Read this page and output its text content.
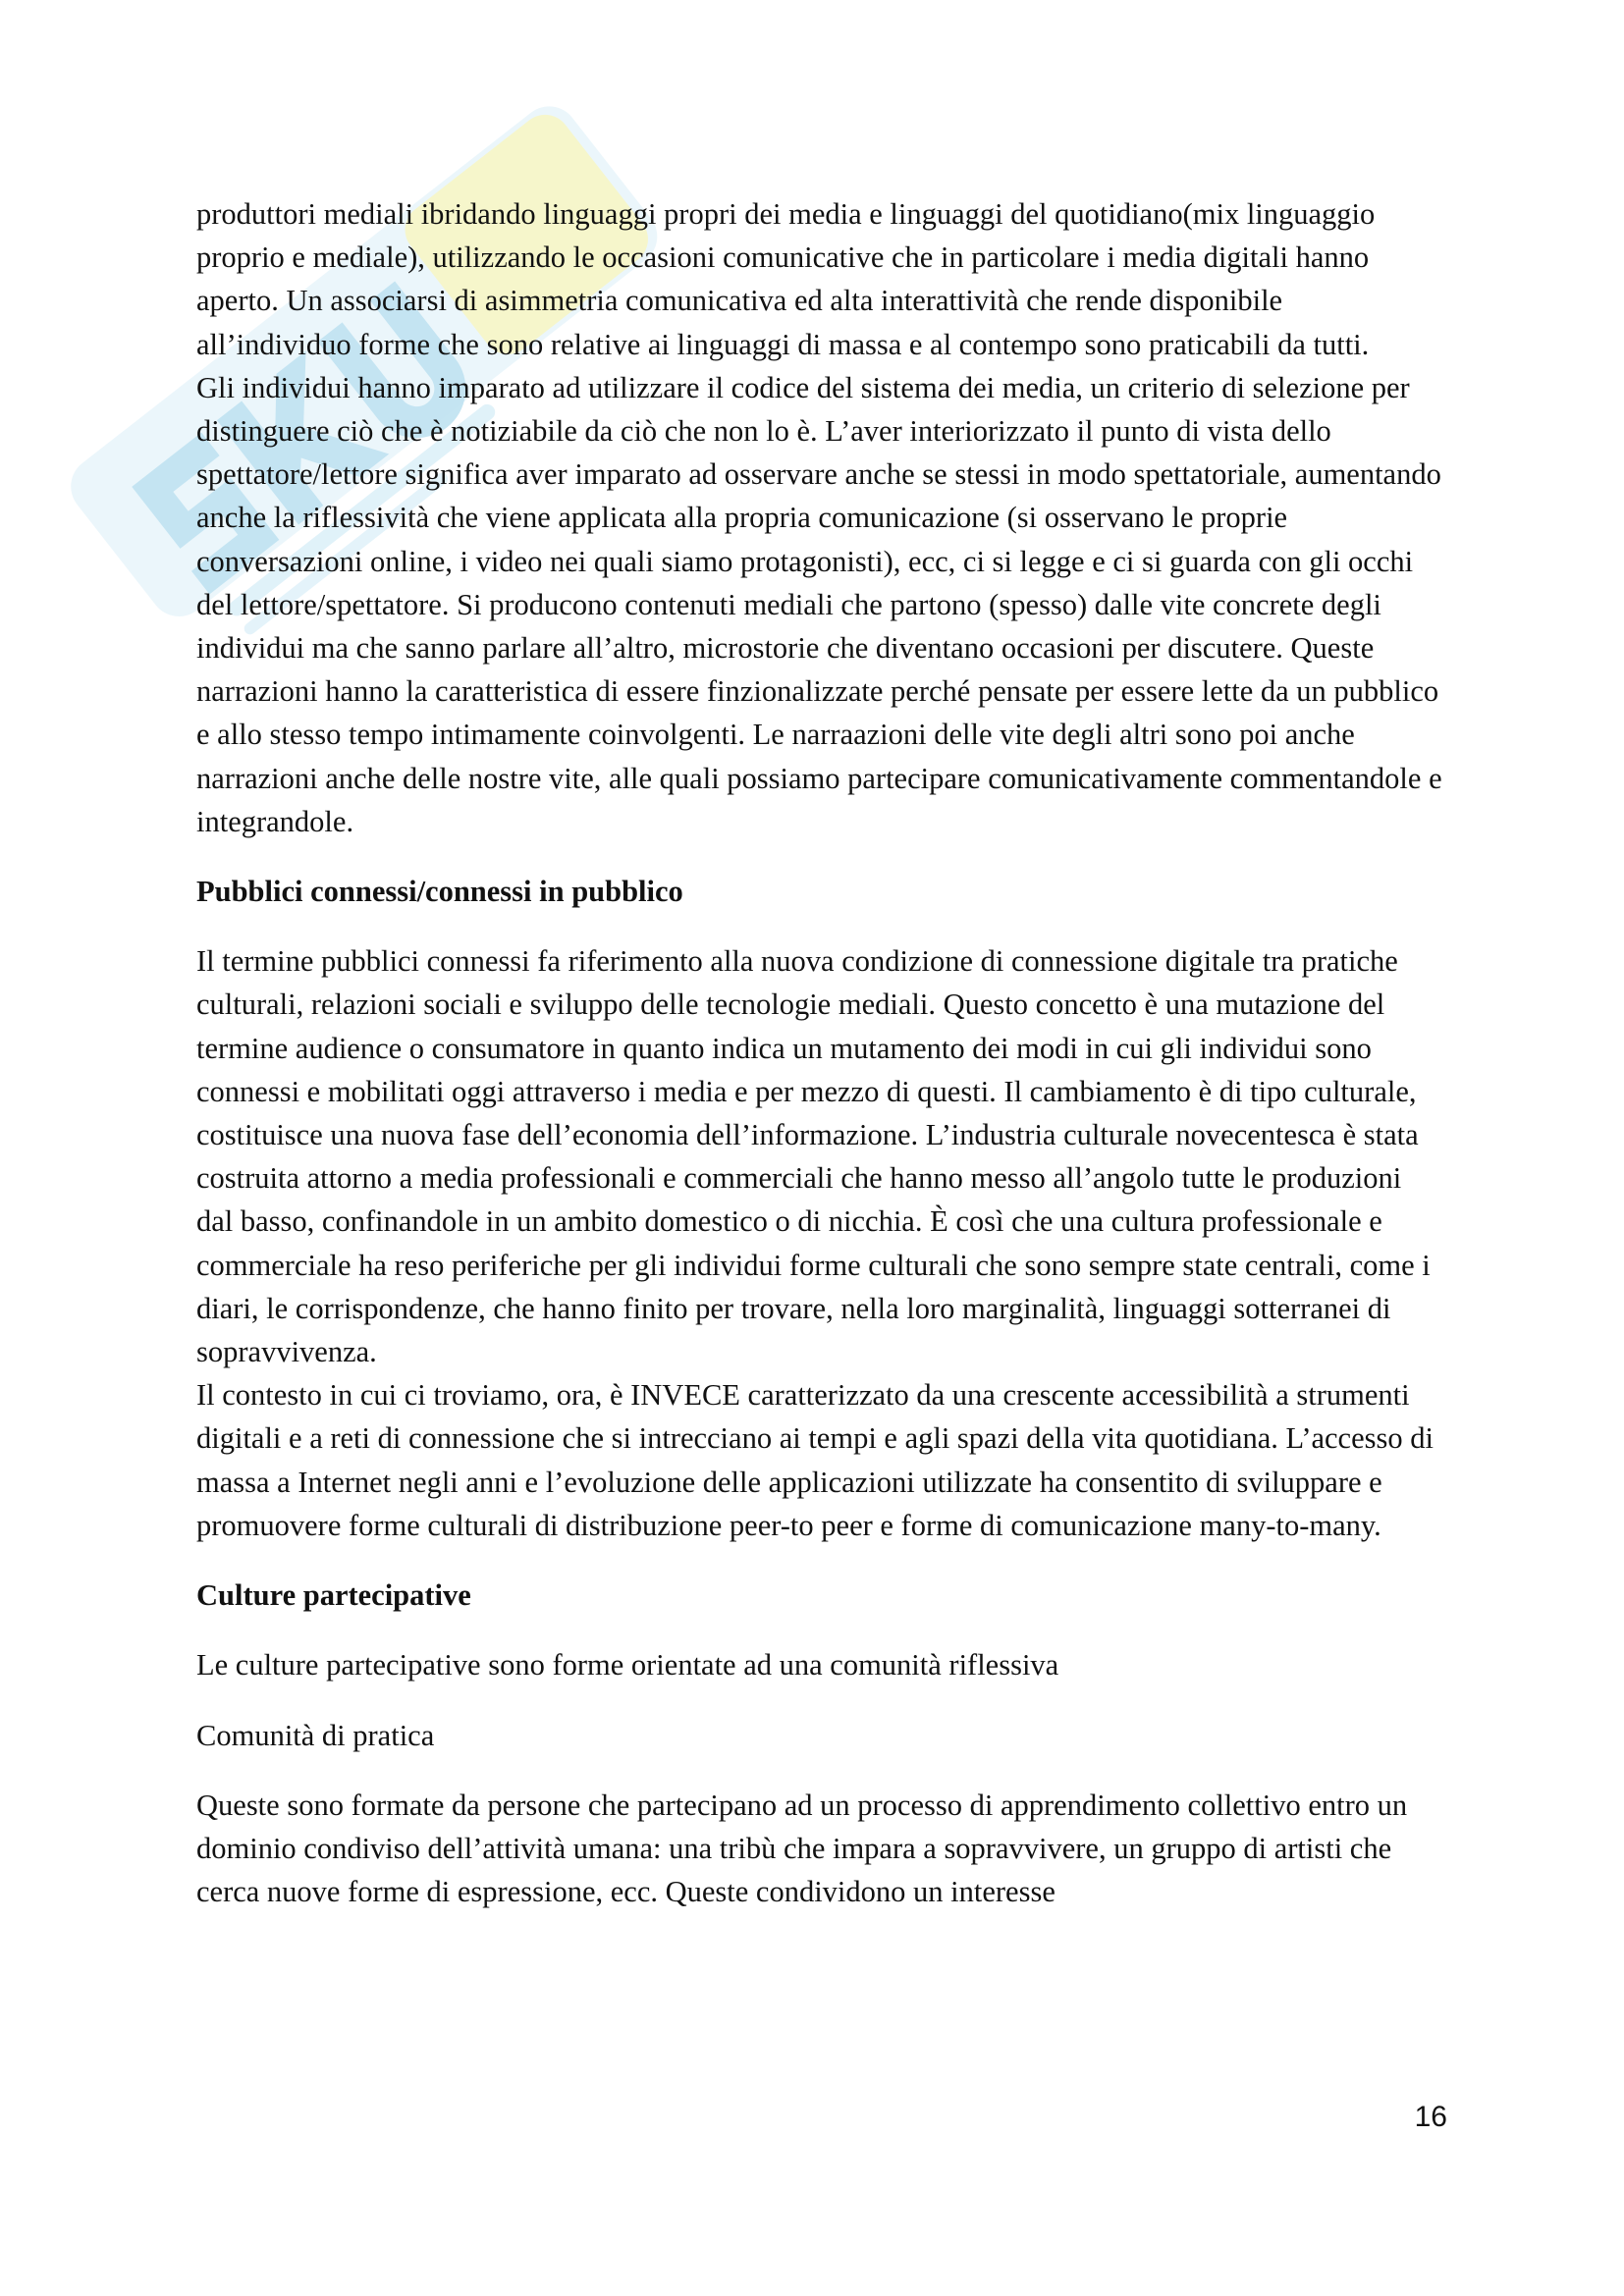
produttori mediali ibridando linguaggi propri dei media e linguaggi del quotidiano(mix linguaggio proprio e mediale), utilizzando le occasioni comunicative che in particolare i media digitali hanno aperto. Un associarsi di asimmetria comunicativa ed alta interattività che rende disponibile all’individuo forme che sono relative ai linguaggi di massa e al contempo sono praticabili da tutti.

Gli individui hanno imparato ad utilizzare il codice del sistema dei media, un criterio di selezione per distinguere ciò che è notiziabile da ciò che non lo è. L’aver interiorizzato il punto di vista dello spettatore/lettore significa aver imparato ad osservare anche se stessi in modo spettatoriale, aumentando anche la riflessività che viene applicata alla propria comunicazione (si osservano le proprie conversazioni online, i video nei quali siamo protagonisti), ecc, ci si legge e ci si guarda con gli occhi del lettore/spettatore. Si producono contenuti mediali che partono (spesso) dalle vite concrete degli individui ma che sanno parlare all’altro, microstorie che diventano occasioni per discutere. Queste narrazioni hanno la caratteristica di essere finzionalizzate perché pensate per essere lette da un pubblico e allo stesso tempo intimamente coinvolgenti. Le narraazioni delle vite degli altri sono poi anche narrazioni anche delle nostre vite, alle quali possiamo partecipare comunicativamente commentandole e integrandole.

Pubblici connessi/connessi in pubblico

Il termine pubblici connessi fa riferimento alla nuova condizione di connessione digitale tra pratiche culturali, relazioni sociali e sviluppo delle tecnologie mediali. Questo concetto è una mutazione del termine audience o consumatore in quanto indica un mutamento dei modi in cui gli individui sono connessi e mobilitati oggi attraverso i media e per mezzo di questi. Il cambiamento è di tipo culturale, costituisce una nuova fase dell’economia dell’informazione. L’industria culturale novecentesca è stata costruita attorno a media professionali e commerciali che hanno messo all’angolo tutte le produzioni dal basso, confinandole in un ambito domestico o di nicchia. È così che una cultura professionale e commerciale ha reso periferiche per gli individui forme culturali che sono sempre state centrali, come i diari, le corrispondenze, che hanno finito per trovare, nella loro marginalità, linguaggi sotterranei di sopravvivenza.

Il contesto in cui ci troviamo, ora, è INVECE caratterizzato da una crescente accessibilità a strumenti digitali e a reti di connessione che si intrecciano ai tempi e agli spazi della vita quotidiana. L’accesso di massa a Internet negli anni e l’evoluzione delle applicazioni utilizzate ha consentito di sviluppare e promuovere forme culturali di distribuzione peer-to peer e forme di comunicazione many-to-many.

Culture partecipative

Le culture partecipative sono forme orientate ad una comunità riflessiva

Comunità di pratica

Queste sono formate da persone che partecipano ad un processo di apprendimento collettivo entro un dominio condiviso dell’attività umana: una tribù che impara a sopravvivere, un gruppo di artisti che cerca nuove forme di espressione, ecc. Queste condividono un interesse

16
